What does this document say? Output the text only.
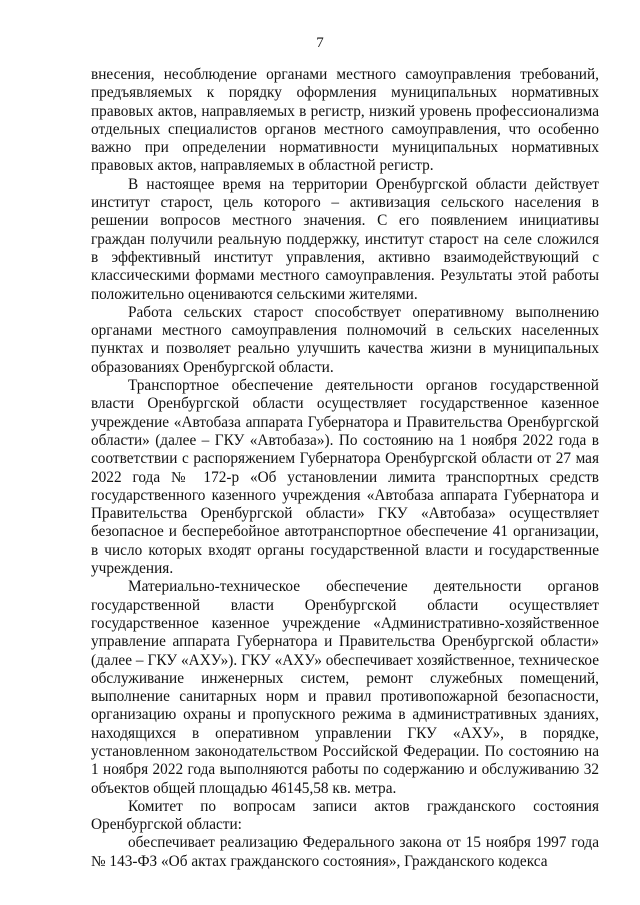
7

внесения, несоблюдение органами местного самоуправления требований, предъявляемых к порядку оформления муниципальных нормативных правовых актов, направляемых в регистр, низкий уровень профессионализма отдельных специалистов органов местного самоуправления, что особенно важно при определении нормативности муниципальных нормативных правовых актов, направляемых в областной регистр.

В настоящее время на территории Оренбургской области действует институт старост, цель которого – активизация сельского населения в решении вопросов местного значения. С его появлением инициативы граждан получили реальную поддержку, институт старост на селе сложился в эффективный институт управления, активно взаимодействующий с классическими формами местного самоуправления. Результаты этой работы положительно оцениваются сельскими жителями.

Работа сельских старост способствует оперативному выполнению органами местного самоуправления полномочий в сельских населенных пунктах и позволяет реально улучшить качества жизни в муниципальных образованиях Оренбургской области.

Транспортное обеспечение деятельности органов государственной власти Оренбургской области осуществляет государственное казенное учреждение «Автобаза аппарата Губернатора и Правительства Оренбургской области» (далее – ГКУ «Автобаза»). По состоянию на 1 ноября 2022 года в соответствии с распоряжением Губернатора Оренбургской области от 27 мая 2022 года № 172-р «Об установлении лимита транспортных средств государственного казенного учреждения «Автобаза аппарата Губернатора и Правительства Оренбургской области» ГКУ «Автобаза» осуществляет безопасное и бесперебойное автотранспортное обеспечение 41 организации, в число которых входят органы государственной власти и государственные учреждения.

Материально-техническое обеспечение деятельности органов государственной власти Оренбургской области осуществляет государственное казенное учреждение «Административно-хозяйственное управление аппарата Губернатора и Правительства Оренбургской области» (далее – ГКУ «АХУ»). ГКУ «АХУ» обеспечивает хозяйственное, техническое обслуживание инженерных систем, ремонт служебных помещений, выполнение санитарных норм и правил противопожарной безопасности, организацию охраны и пропускного режима в административных зданиях, находящихся в оперативном управлении ГКУ «АХУ», в порядке, установленном законодательством Российской Федерации. По состоянию на 1 ноября 2022 года выполняются работы по содержанию и обслуживанию 32 объектов общей площадью 46145,58 кв. метра.

Комитет по вопросам записи актов гражданского состояния Оренбургской области:

обеспечивает реализацию Федерального закона от 15 ноября 1997 года № 143-ФЗ «Об актах гражданского состояния», Гражданского кодекса
